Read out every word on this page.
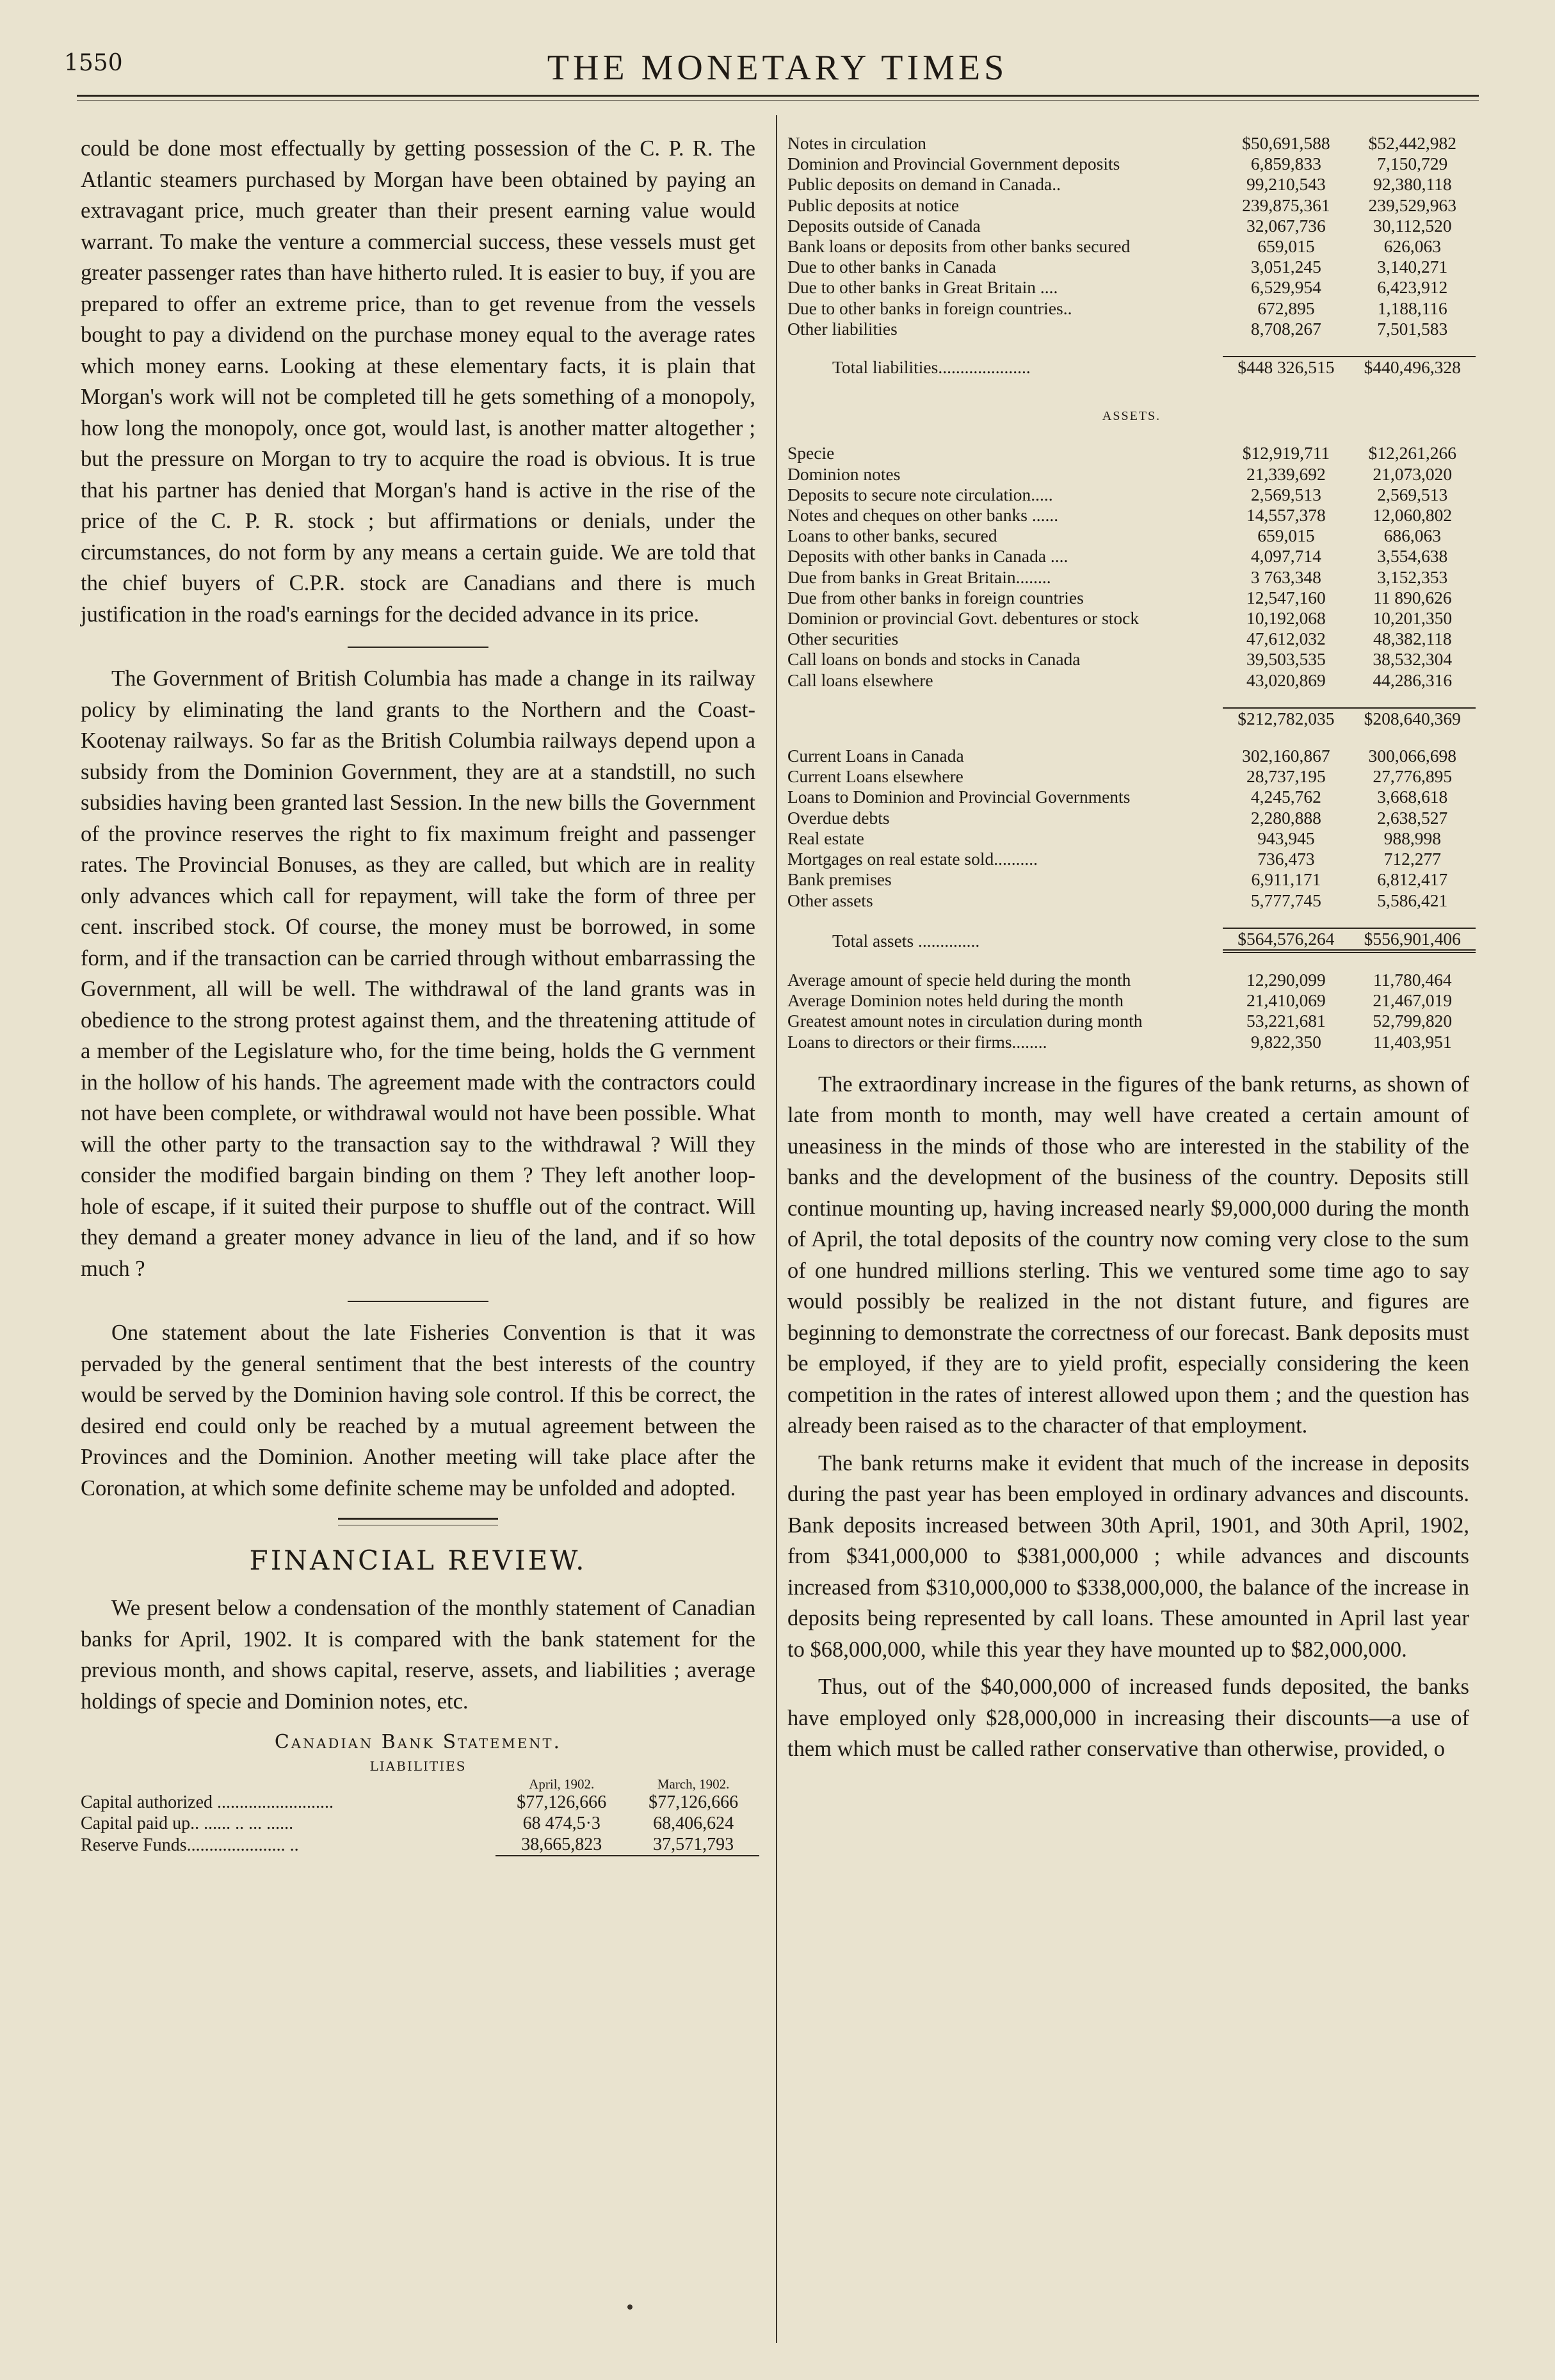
1550	THE MONETARY TIMES

could be done most effectually by getting possession of the C. P. R. The Atlantic steamers purchased by Morgan have been obtained by paying an extravagant price, much greater than their present earning value would warrant. To make the venture a commercial success, these vessels must get greater passenger rates than have hitherto ruled. It is easier to buy, if you are prepared to offer an extreme price, than to get revenue from the vessels bought to pay a dividend on the purchase money equal to the average rates which money earns. Looking at these elementary facts, it is plain that Morgan's work will not be completed till he gets something of a monopoly, how long the monopoly, once got, would last, is another matter altogether ; but the pressure on Morgan to try to acquire the road is obvious. It is true that his partner has denied that Morgan's hand is active in the rise of the price of the C. P. R. stock ; but affirmations or denials, under the circumstances, do not form by any means a certain guide. We are told that the chief buyers of C.P.R. stock are Canadians and there is much justification in the road's earnings for the decided advance in its price.

The Government of British Columbia has made a change in its railway policy by eliminating the land grants to the Northern and the Coast-Kootenay railways. So far as the British Columbia railways depend upon a subsidy from the Dominion Government, they are at a standstill, no such subsidies having been granted last Session. In the new bills the Government of the province reserves the right to fix maximum freight and passenger rates. The Provincial Bonuses, as they are called, but which are in reality only advances which call for repayment, will take the form of three per cent. inscribed stock. Of course, the money must be borrowed, in some form, and if the transaction can be carried through without embarrassing the Government, all will be well. The withdrawal of the land grants was in obedience to the strong protest against them, and the threatening attitude of a member of the Legislature who, for the time being, holds the G vernment in the hollow of his hands. The agreement made with the contractors could not have been complete, or withdrawal would not have been possible. What will the other party to the transaction say to the withdrawal ? Will they consider the modified bargain binding on them ? They left another loop-hole of escape, if it suited their purpose to shuffle out of the contract. Will they demand a greater money advance in lieu of the land, and if so how much ?

One statement about the late Fisheries Convention is that it was pervaded by the general sentiment that the best interests of the country would be served by the Dominion having sole control. If this be correct, the desired end could only be reached by a mutual agreement between the Provinces and the Dominion. Another meeting will take place after the Coronation, at which some definite scheme may be unfolded and adopted.

FINANCIAL REVIEW.

We present below a condensation of the monthly statement of Canadian banks for April, 1902. It is compared with the bank statement for the previous month, and shows capital, reserve, assets, and liabilities ; average holdings of specie and Dominion notes, etc.

Canadian Bank Statement.
LIABILITIES
	April, 1902.	March, 1902.
Capital authorized ..........................	$77,126,666	$77,126,666
Capital paid up.. ...... .. ... ......	68 474,5·3	68,406,624
Reserve Funds...................... ..	38,665,823	37,571,793
Notes in circulation	$50,691,588	$52,442,982
Dominion and Provincial Government deposits	6,859,833	7,150,729
Public deposits on demand in Canada..	99,210,543	92,380,118
Public deposits at notice	239,875,361	239,529,963
Deposits outside of Canada	32,067,736	30,112,520
Bank loans or deposits from other banks secured	659,015	626,063
Due to other banks in Canada	3,051,245	3,140,271
Due to other banks in Great Britain ....	6,529,954	6,423,912
Due to other banks in foreign countries..	672,895	1,188,116
Other liabilities	8,708,267	7,501,583

Total liabilities.....................	$448 326,515	$440,496,328

ASSETS.		

Specie	$12,919,711	$12,261,266
Dominion notes	21,339,692	21,073,020
Deposits to secure note circulation.....	2,569,513	2,569,513
Notes and cheques on other banks ......	14,557,378	12,060,802
Loans to other banks, secured	659,015	686,063
Deposits with other banks in Canada ....	4,097,714	3,554,638
Due from banks in Great Britain........	3 763,348	3,152,353
Due from other banks in foreign countries	12,547,160	11 890,626
Dominion or provincial Govt. debentures or stock	10,192,068	10,201,350
Other securities	47,612,032	48,382,118
Call loans on bonds and stocks in Canada	39,503,535	38,532,304
Call loans elsewhere	43,020,869	44,286,316

	$212,782,035	$208,640,369

Current Loans in Canada	302,160,867	300,066,698
Current Loans elsewhere	28,737,195	27,776,895
Loans to Dominion and Provincial Governments	4,245,762	3,668,618
Overdue debts	2,280,888	2,638,527
Real estate	943,945	988,998
Mortgages on real estate sold..........	736,473	712,277
Bank premises	6,911,171	6,812,417
Other assets	5,777,745	5,586,421

Total assets ..............	$564,576,264	$556,901,406

Average amount of specie held during the month	12,290,099	11,780,464
Average Dominion notes held during the month	21,410,069	21,467,019
Greatest amount notes in circulation during month	53,221,681	52,799,820
Loans to directors or their firms........	9,822,350	11,403,951

The extraordinary increase in the figures of the bank returns, as shown of late from month to month, may well have created a certain amount of uneasiness in the minds of those who are interested in the stability of the banks and the development of the business of the country. Deposits still continue mounting up, having increased nearly $9,000,000 during the month of April, the total deposits of the country now coming very close to the sum of one hundred millions sterling. This we ventured some time ago to say would possibly be realized in the not distant future, and figures are beginning to demonstrate the correctness of our forecast. Bank deposits must be employed, if they are to yield profit, especially considering the keen competition in the rates of interest allowed upon them ; and the question has already been raised as to the character of that employment.

The bank returns make it evident that much of the increase in deposits during the past year has been employed in ordinary advances and discounts. Bank deposits increased between 30th April, 1901, and 30th April, 1902, from $341,000,000 to $381,000,000 ; while advances and discounts increased from $310,000,000 to $338,000,000, the balance of the increase in deposits being represented by call loans. These amounted in April last year to $68,000,000, while this year they have mounted up to $82,000,000.

Thus, out of the $40,000,000 of increased funds deposited, the banks have employed only $28,000,000 in increasing their discounts—a use of them which must be called rather conservative than otherwise, provided, o
